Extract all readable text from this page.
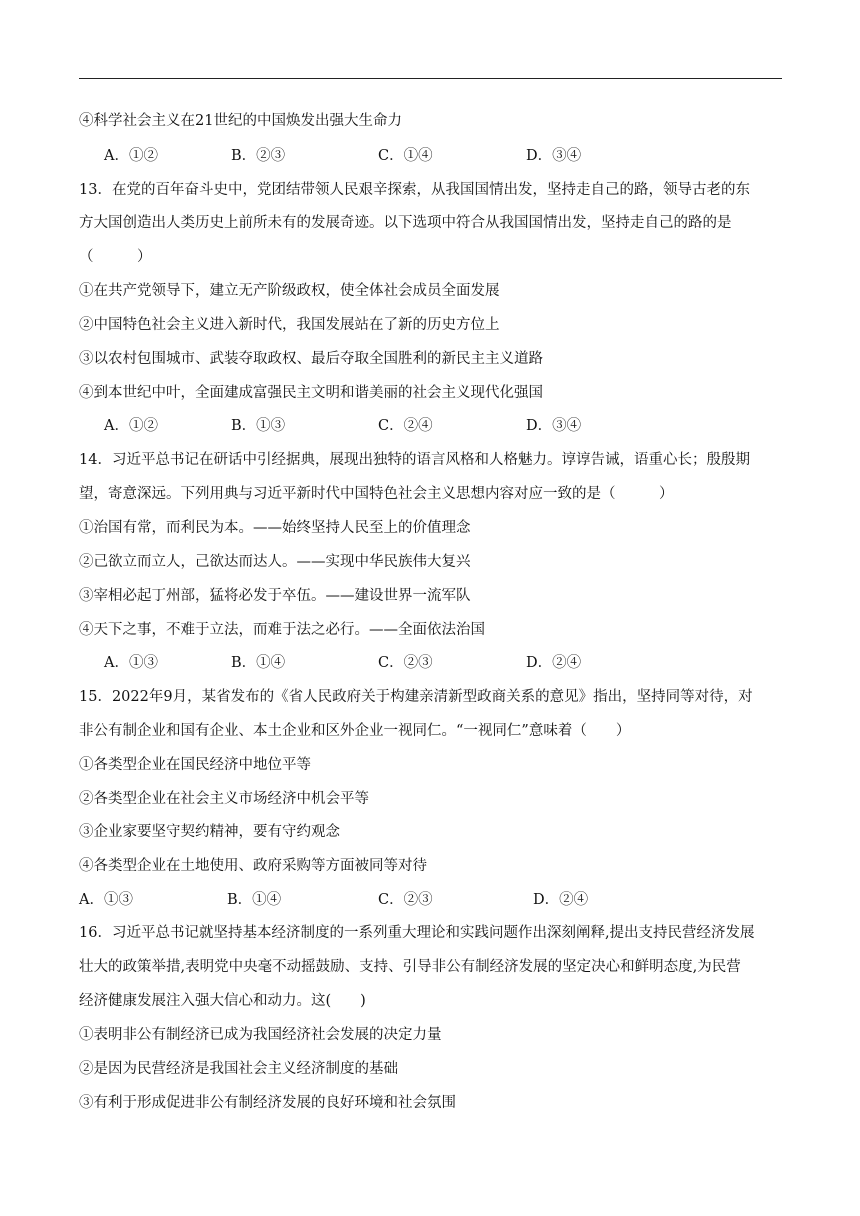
④科学社会主义在21世纪的中国焕发出强大生命力
A．①②	B．②③	C．①④	D．③④
13．在党的百年奋斗史中，党团结带领人民艰辛探索，从我国国情出发，坚持走自己的路，领导古老的东
方大国创造出人类历史上前所未有的发展奇迹。以下选项中符合从我国国情出发，坚持走自己的路的是
（　　　）
①在共产党领导下，建立无产阶级政权，使全体社会成员全面发展
②中国特色社会主义进入新时代，我国发展站在了新的历史方位上
③以农村包围城市、武装夺取政权、最后夺取全国胜利的新民主主义道路
④到本世纪中叶，全面建成富强民主文明和谐美丽的社会主义现代化强国
A．①②	B．①③	C．②④	D．③④
14．习近平总书记在研话中引经据典，展现出独特的语言风格和人格魅力。谆谆告诫，语重心长；殷殷期
望，寄意深远。下列用典与习近平新时代中国特色社会主义思想内容对应一致的是（　　　）
①治国有常，而利民为本。——始终坚持人民至上的价值理念
②己欲立而立人，己欲达而达人。——实现中华民族伟大复兴
③宰相必起丁州部，猛将必发于卒伍。——建设世界一流军队
④天下之事，不难于立法，而难于法之必行。——全面依法治国
A．①③	B．①④	C．②③	D．②④
15．2022年9月，某省发布的《省人民政府关于构建亲清新型政商关系的意见》指出，坚持同等对待，对
非公有制企业和国有企业、本土企业和区外企业一视同仁。“一视同仁”意味着（　　）
①各类型企业在国民经济中地位平等
②各类型企业在社会主义市场经济中机会平等
③企业家要坚守契约精神，要有守约观念
④各类型企业在土地使用、政府采购等方面被同等对待
A．①③	B．①④	C．②③	D．②④
16．习近平总书记就坚持基本经济制度的一系列重大理论和实践问题作出深刻阐释,提出支持民营经济发展
壮大的政策举措,表明党中央毫不动摇鼓励、支持、引导非公有制经济发展的坚定决心和鲜明态度,为民营
经济健康发展注入强大信心和动力。这(　　)
①表明非公有制经济已成为我国经济社会发展的决定力量
②是因为民营经济是我国社会主义经济制度的基础
③有利于形成促进非公有制经济发展的良好环境和社会氛围
